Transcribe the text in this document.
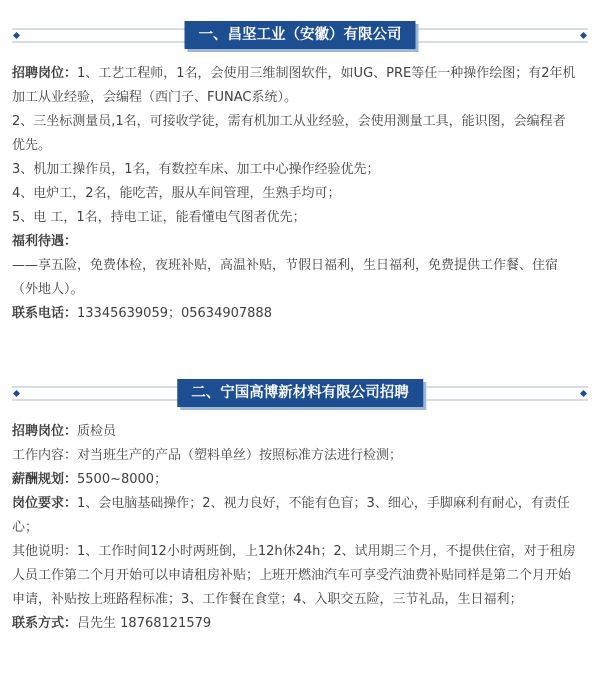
一、昌坚工业（安徽）有限公司

招聘岗位：1、工艺工程师，1名，会使用三维制图软件，如UG、PRE等任一种操作绘图；有2年机加工从业经验，会编程（西门子、FUNAC系统）。

2、三坐标测量员,1名，可接收学徒，需有机加工从业经验，会使用测量工具，能识图，会编程者优先。

3、机加工操作员，1名，有数控车床、加工中心操作经验优先；

4、电炉工，2名，能吃苦，服从车间管理，生熟手均可；

5、电 工，1名，持电工证，能看懂电气图者优先；

福利待遇：

——享五险，免费体检，夜班补贴，高温补贴，节假日福利，生日福利，免费提供工作餐、住宿（外地人）。

联系电话：13345639059；05634907888

二、宁国高博新材料有限公司招聘

招聘岗位：质检员

工作内容：对当班生产的产品（塑料单丝）按照标准方法进行检测；

薪酬规划：5500~8000；

岗位要求：1、会电脑基础操作；2、视力良好，不能有色盲；3、细心，手脚麻利有耐心，有责任心；

其他说明：1、工作时间12小时两班倒，上12h休24h；2、试用期三个月，不提供住宿，对于租房人员工作第二个月开始可以申请租房补贴；上班开燃油汽车可享受汽油费补贴同样是第二个月开始申请，补贴按上班路程标准；3、工作餐在食堂；4、入职交五险，三节礼品，生日福利；

联系方式：吕先生 18768121579
